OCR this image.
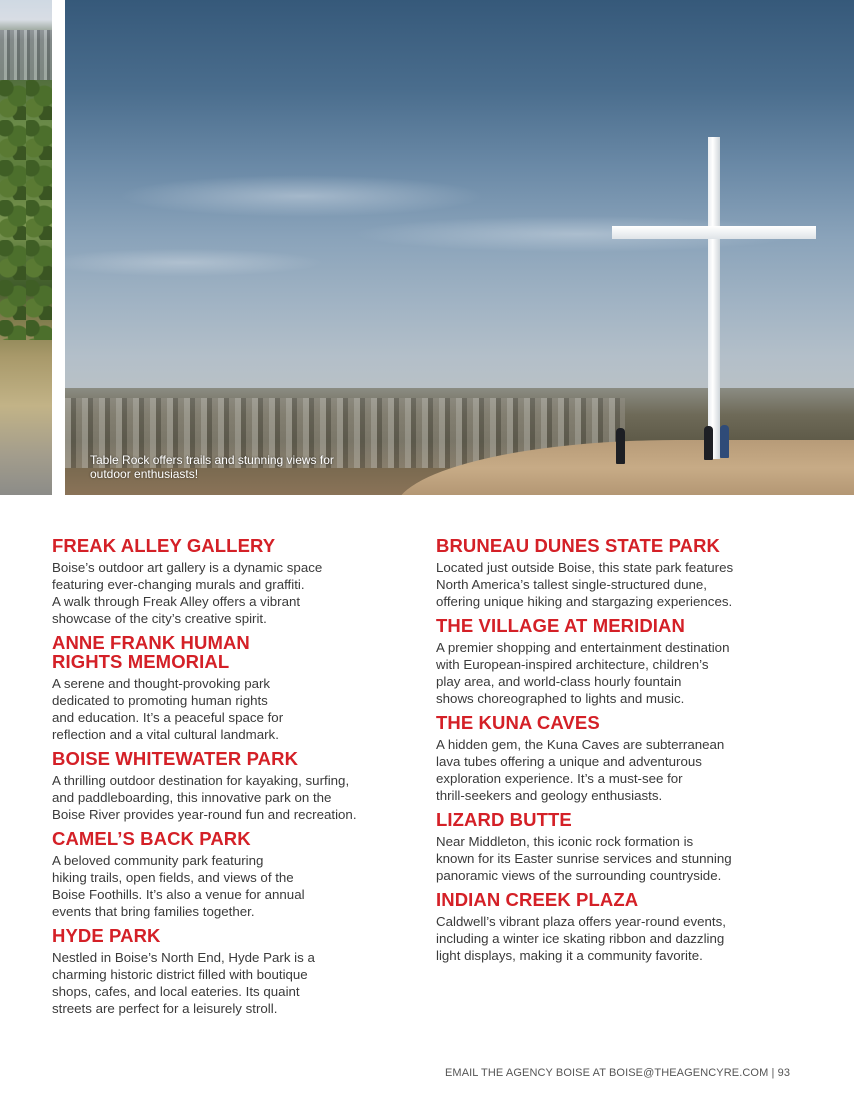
Table Rock offers trails and stunning views for outdoor enthusiasts!
FREAK ALLEY GALLERY

Boise’s outdoor art gallery is a dynamic space
featuring ever-changing murals and graffiti.
A walk through Freak Alley offers a vibrant
showcase of the city’s creative spirit.

ANNE FRANK HUMAN
RIGHTS MEMORIAL

A serene and thought-provoking park
dedicated to promoting human rights
and education. It’s a peaceful space for
reflection and a vital cultural landmark.

BOISE WHITEWATER PARK

A thrilling outdoor destination for kayaking, surfing,
and paddleboarding, this innovative park on the
Boise River provides year-round fun and recreation.

CAMEL’S BACK PARK

A beloved community park featuring
hiking trails, open fields, and views of the
Boise Foothills. It’s also a venue for annual
events that bring families together.

HYDE PARK

Nestled in Boise’s North End, Hyde Park is a
charming historic district filled with boutique
shops, cafes, and local eateries. Its quaint
streets are perfect for a leisurely stroll.

BRUNEAU DUNES STATE PARK

Located just outside Boise, this state park features
North America’s tallest single-structured dune,
offering unique hiking and stargazing experiences.

THE VILLAGE AT MERIDIAN

A premier shopping and entertainment destination
with European-inspired architecture, children’s
play area, and world-class hourly fountain
shows choreographed to lights and music.

THE KUNA CAVES

A hidden gem, the Kuna Caves are subterranean
lava tubes offering a unique and adventurous
exploration experience. It’s a must-see for
thrill-seekers and geology enthusiasts.

LIZARD BUTTE

Near Middleton, this iconic rock formation is
known for its Easter sunrise services and stunning
panoramic views of the surrounding countryside.

INDIAN CREEK PLAZA

Caldwell’s vibrant plaza offers year-round events,
including a winter ice skating ribbon and dazzling
light displays, making it a community favorite.

EMAIL THE AGENCY BOISE AT BOISE@THEAGENCYRE.COM | 93
